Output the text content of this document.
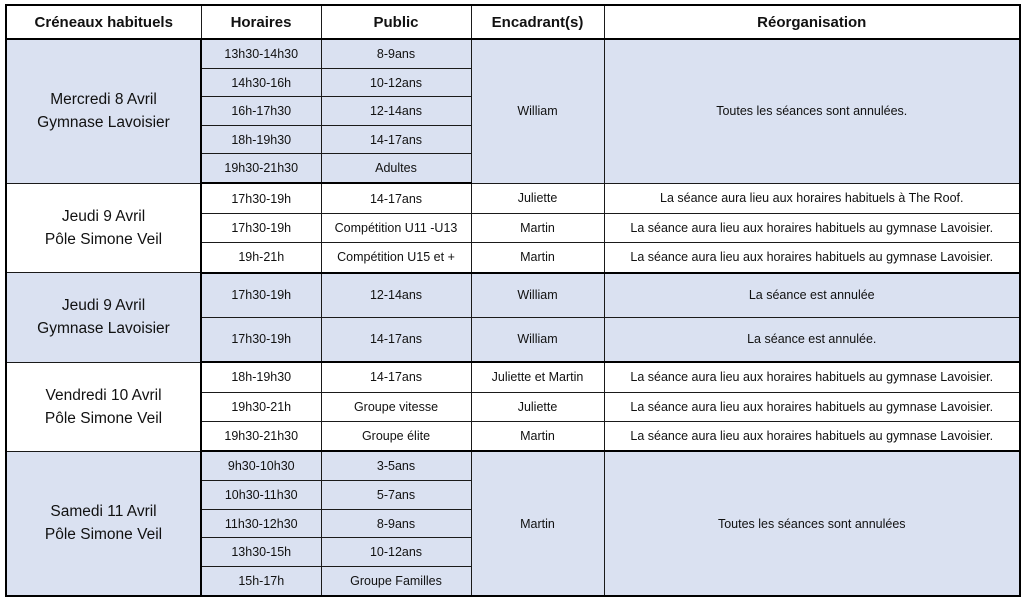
Créneaux habituels	Horaires	Public	Encadrant(s)	Réorganisation

Mercredi 8 Avril
Gymnase Lavoisier	13h30-14h30	8-9ans	William	Toutes les séances sont annulées.
	14h30-16h	10-12ans		
	16h-17h30	12-14ans		
	18h-19h30	14-17ans		
	19h30-21h30	Adultes		

Jeudi 9 Avril
Pôle Simone Veil	17h30-19h	14-17ans	Juliette	La séance aura lieu aux horaires habituels à The Roof.
	17h30-19h	Compétition U11 -U13	Martin	La séance aura lieu aux horaires habituels au gymnase Lavoisier.
	19h-21h	Compétition U15 et +	Martin	La séance aura lieu aux horaires habituels au gymnase Lavoisier.

Jeudi 9 Avril
Gymnase Lavoisier	17h30-19h	12-14ans	William	La séance est annulée
	17h30-19h	14-17ans	William	La séance est annulée.

Vendredi 10 Avril
Pôle Simone Veil	18h-19h30	14-17ans	Juliette et Martin	La séance aura lieu aux horaires habituels au gymnase Lavoisier.
	19h30-21h	Groupe vitesse	Juliette	La séance aura lieu aux horaires habituels au gymnase Lavoisier.
	19h30-21h30	Groupe élite	Martin	La séance aura lieu aux horaires habituels au gymnase Lavoisier.

Samedi 11 Avril
Pôle Simone Veil	9h30-10h30	3-5ans	Martin	Toutes les séances sont annulées
	10h30-11h30	5-7ans		
	11h30-12h30	8-9ans		
	13h30-15h	10-12ans		
	15h-17h	Groupe Familles		
